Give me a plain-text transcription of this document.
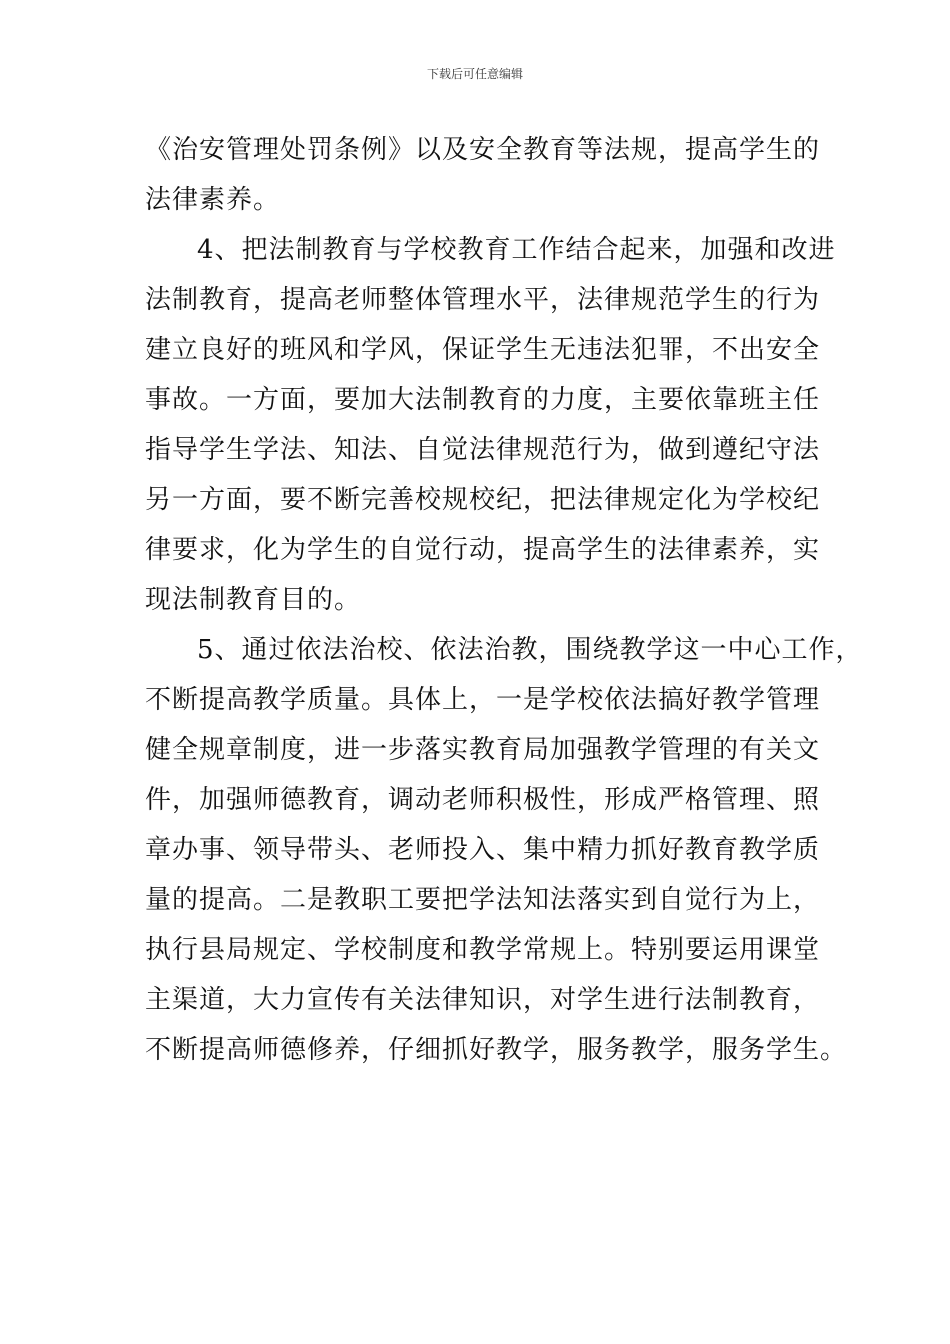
下载后可任意编辑
《治安管理处罚条例》以及安全教育等法规，提高学生的
法律素养。
4、把法制教育与学校教育工作结合起来，加强和改进
法制教育，提高老师整体管理水平，法律规范学生的行为
建立良好的班风和学风，保证学生无违法犯罪，不出安全
事故。一方面，要加大法制教育的力度，主要依靠班主任
指导学生学法、知法、自觉法律规范行为，做到遵纪守法
另一方面，要不断完善校规校纪，把法律规定化为学校纪
律要求，化为学生的自觉行动，提高学生的法律素养，实
现法制教育目的。
5、通过依法治校、依法治教，围绕教学这一中心工作，
不断提高教学质量。具体上，一是学校依法搞好教学管理
健全规章制度，进一步落实教育局加强教学管理的有关文
件，加强师德教育，调动老师积极性，形成严格管理、照
章办事、领导带头、老师投入、集中精力抓好教育教学质
量的提高。二是教职工要把学法知法落实到自觉行为上，
执行县局规定、学校制度和教学常规上。特别要运用课堂
主渠道，大力宣传有关法律知识，对学生进行法制教育，
不断提高师德修养，仔细抓好教学，服务教学，服务学生。
